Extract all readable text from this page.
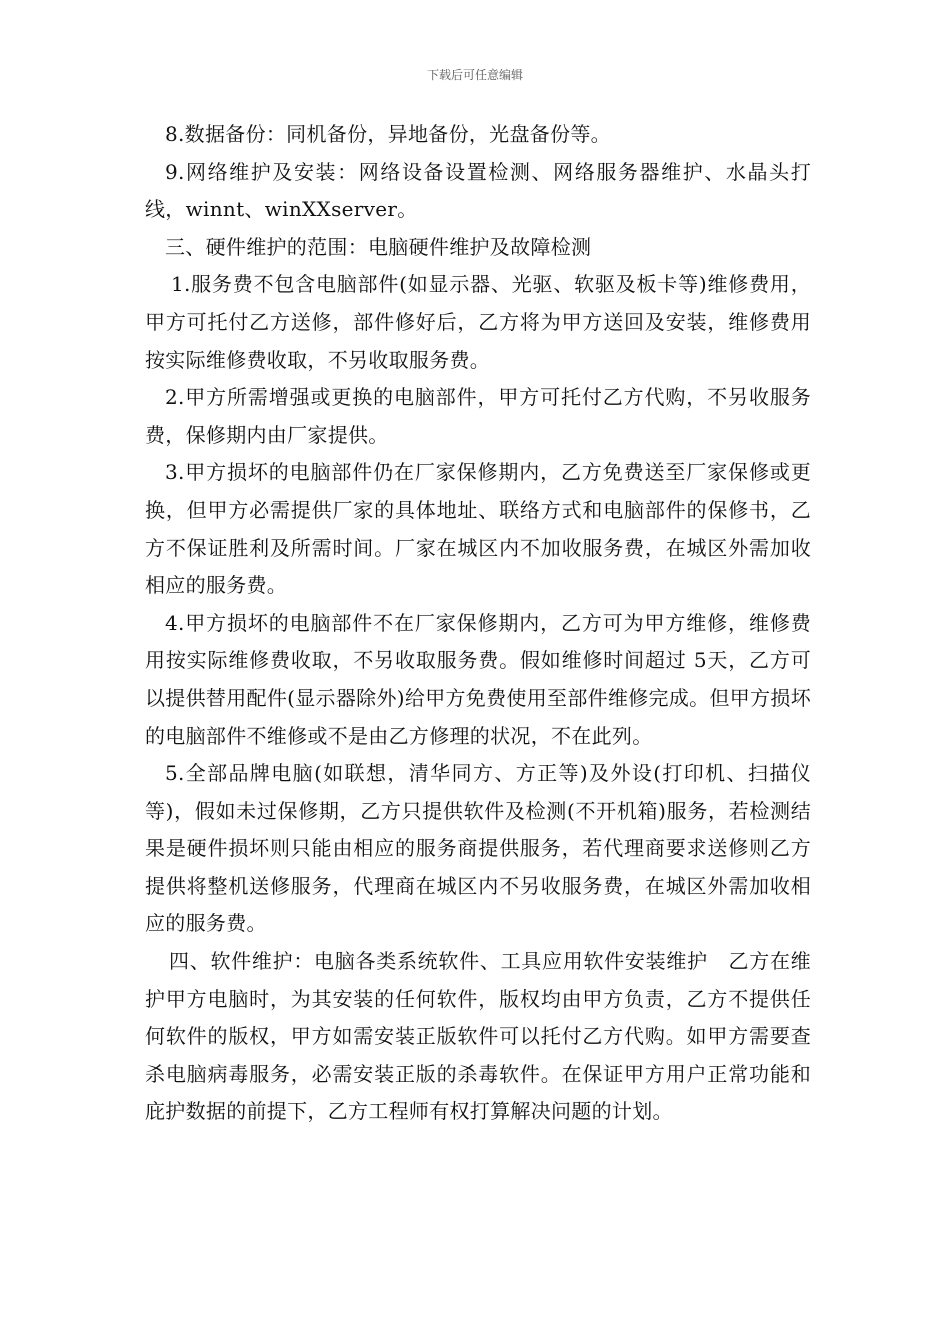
下载后可任意编辑

8.数据备份：同机备份，异地备份，光盘备份等。

9.网络维护及安装：网络设备设置检测、网络服务器维护、水晶头打线，winnt、winXXserver。

三、硬件维护的范围：电脑硬件维护及故障检测

1.服务费不包含电脑部件(如显示器、光驱、软驱及板卡等)维修费用，甲方可托付乙方送修，部件修好后，乙方将为甲方送回及安装，维修费用按实际维修费收取，不另收取服务费。

2.甲方所需增强或更换的电脑部件，甲方可托付乙方代购，不另收服务费，保修期内由厂家提供。

3.甲方损坏的电脑部件仍在厂家保修期内，乙方免费送至厂家保修或更换，但甲方必需提供厂家的具体地址、联络方式和电脑部件的保修书，乙方不保证胜利及所需时间。厂家在城区内不加收服务费，在城区外需加收相应的服务费。

4.甲方损坏的电脑部件不在厂家保修期内，乙方可为甲方维修，维修费用按实际维修费收取，不另收取服务费。假如维修时间超过 5天，乙方可以提供替用配件(显示器除外)给甲方免费使用至部件维修完成。但甲方损坏的电脑部件不维修或不是由乙方修理的状况，不在此列。

5.全部品牌电脑(如联想，清华同方、方正等)及外设(打印机、扫描仪等)，假如未过保修期，乙方只提供软件及检测(不开机箱)服务，若检测结果是硬件损坏则只能由相应的服务商提供服务，若代理商要求送修则乙方提供将整机送修服务，代理商在城区内不另收服务费，在城区外需加收相应的服务费。

四、软件维护：电脑各类系统软件、工具应用软件安装维护　乙方在维护甲方电脑时，为其安装的任何软件，版权均由甲方负责，乙方不提供任何软件的版权，甲方如需安装正版软件可以托付乙方代购。如甲方需要查杀电脑病毒服务，必需安装正版的杀毒软件。在保证甲方用户正常功能和庇护数据的前提下，乙方工程师有权打算解决问题的计划。
